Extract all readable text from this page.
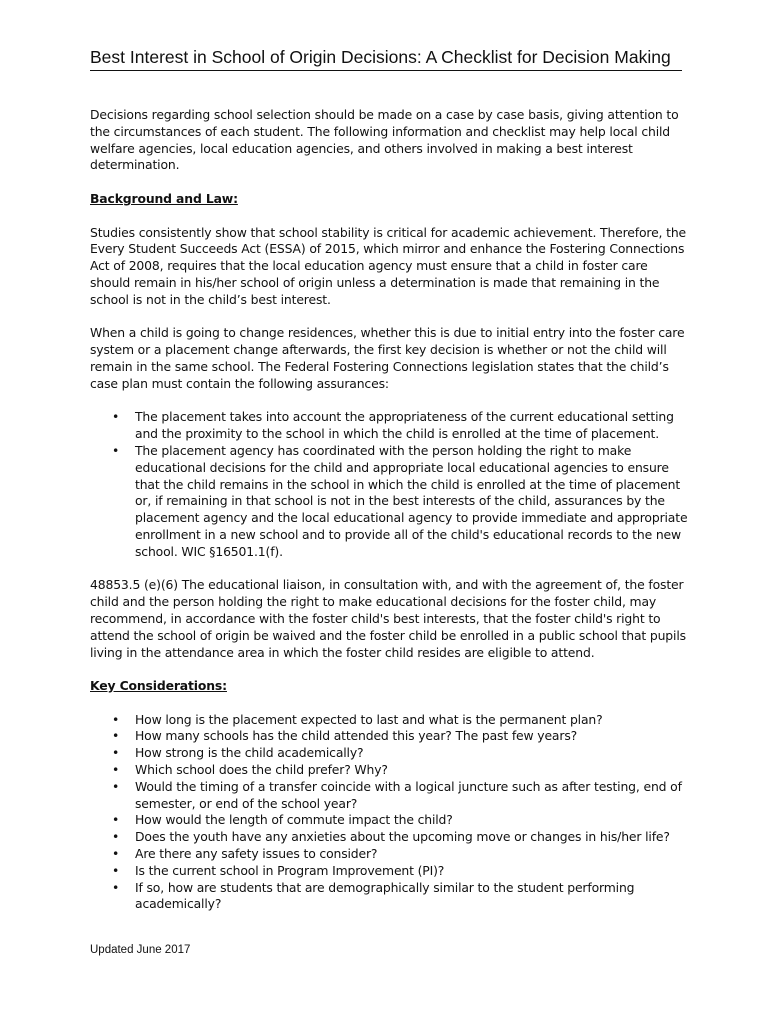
Best Interest in School of Origin Decisions: A Checklist for Decision Making

Decisions regarding school selection should be made on a case by case basis, giving attention to the circumstances of each student. The following information and checklist may help local child welfare agencies, local education agencies, and others involved in making a best interest determination.

Background and Law:

Studies consistently show that school stability is critical for academic achievement. Therefore, the Every Student Succeeds Act (ESSA) of 2015, which mirror and enhance the Fostering Connections Act of 2008, requires that the local education agency must ensure that a child in foster care should remain in his/her school of origin unless a determination is made that remaining in the school is not in the child’s best interest.

When a child is going to change residences, whether this is due to initial entry into the foster care system or a placement change afterwards, the first key decision is whether or not the child will remain in the same school. The Federal Fostering Connections legislation states that the child’s case plan must contain the following assurances:

• The placement takes into account the appropriateness of the current educational setting and the proximity to the school in which the child is enrolled at the time of placement.
• The placement agency has coordinated with the person holding the right to make educational decisions for the child and appropriate local educational agencies to ensure that the child remains in the school in which the child is enrolled at the time of placement or, if remaining in that school is not in the best interests of the child, assurances by the placement agency and the local educational agency to provide immediate and appropriate enrollment in a new school and to provide all of the child's educational records to the new school. WIC §16501.1(f).

48853.5 (e)(6) The educational liaison, in consultation with, and with the agreement of, the foster child and the person holding the right to make educational decisions for the foster child, may recommend, in accordance with the foster child's best interests, that the foster child's right to attend the school of origin be waived and the foster child be enrolled in a public school that pupils living in the attendance area in which the foster child resides are eligible to attend.

Key Considerations:
• How long is the placement expected to last and what is the permanent plan?
• How many schools has the child attended this year? The past few years?
• How strong is the child academically?
• Which school does the child prefer? Why?
• Would the timing of a transfer coincide with a logical juncture such as after testing, end of semester, or end of the school year?
• How would the length of commute impact the child?
• Does the youth have any anxieties about the upcoming move or changes in his/her life?
• Are there any safety issues to consider?
• Is the current school in Program Improvement (PI)?
• If so, how are students that are demographically similar to the student performing academically?
Updated June 2017
